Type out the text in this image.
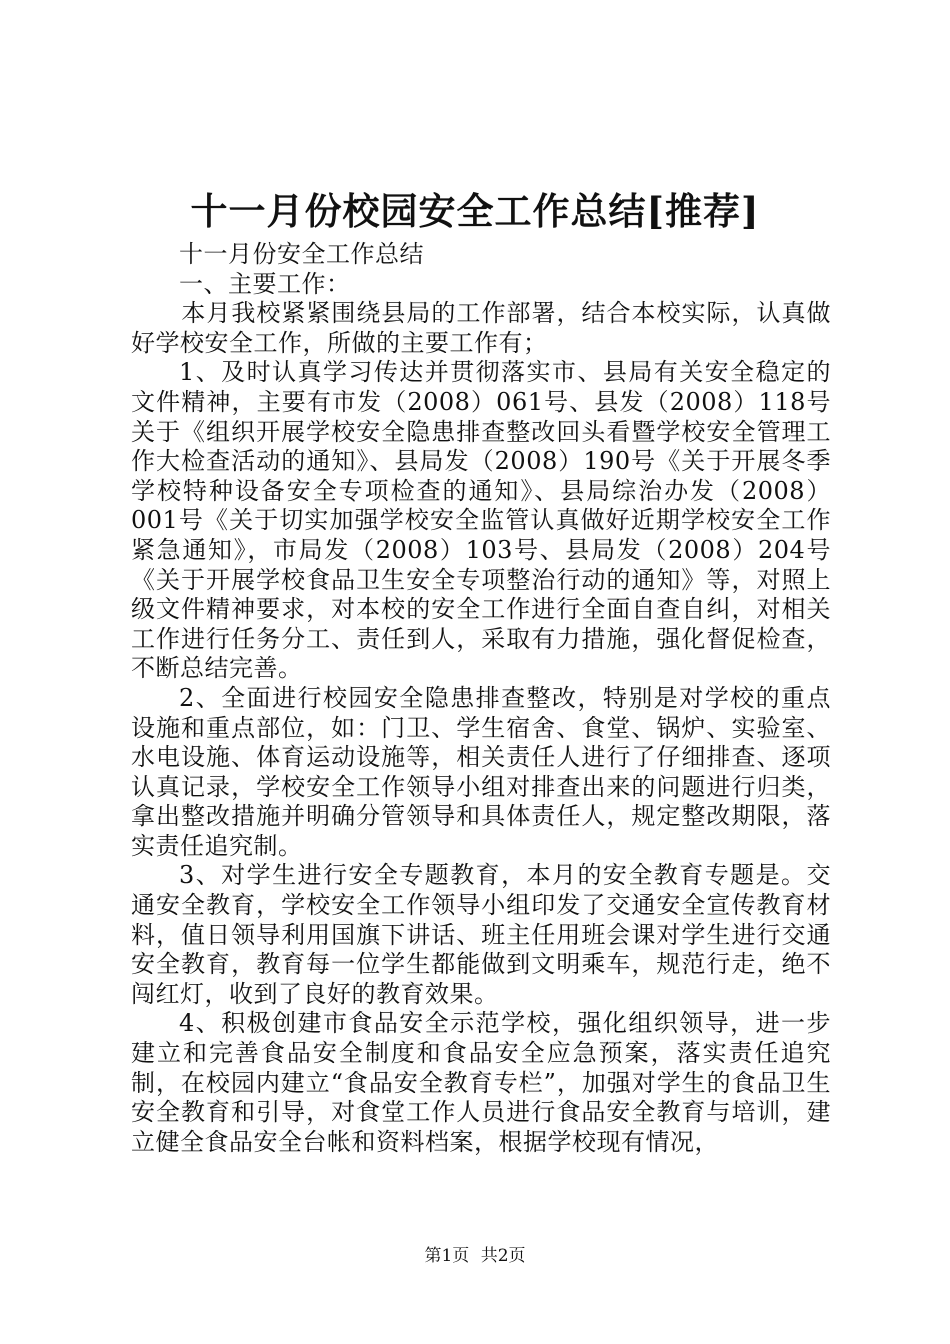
十一月份校园安全工作总结[推荐]

十一月份安全工作总结

一、主要工作：

本月我校紧紧围绕县局的工作部署，结合本校实际，认真做好学校安全工作，所做的主要工作有；

1、及时认真学习传达并贯彻落实市、县局有关安全稳定的文件精神，主要有市发（2008）061号、县发（2008）118号关于《组织开展学校安全隐患排查整改回头看暨学校安全管理工作大检查活动的通知》、县局发（2008）190号《关于开展冬季学校特种设备安全专项检查的通知》、县局综治办发（2008）001号《关于切实加强学校安全监管认真做好近期学校安全工作紧急通知》，市局发（2008）103号、县局发（2008）204号《关于开展学校食品卫生安全专项整治行动的通知》等，对照上级文件精神要求，对本校的安全工作进行全面自查自纠，对相关工作进行任务分工、责任到人，采取有力措施，强化督促检查，不断总结完善。

2、全面进行校园安全隐患排查整改，特别是对学校的重点设施和重点部位，如：门卫、学生宿舍、食堂、锅炉、实验室、水电设施、体育运动设施等，相关责任人进行了仔细排查、逐项认真记录，学校安全工作领导小组对排查出来的问题进行归类，拿出整改措施并明确分管领导和具体责任人，规定整改期限，落实责任追究制。

3、对学生进行安全专题教育，本月的安全教育专题是。交通安全教育，学校安全工作领导小组印发了交通安全宣传教育材料，值日领导利用国旗下讲话、班主任用班会课对学生进行交通安全教育，教育每一位学生都能做到文明乘车，规范行走，绝不闯红灯，收到了良好的教育效果。

4、积极创建市食品安全示范学校，强化组织领导，进一步建立和完善食品安全制度和食品安全应急预案，落实责任追究制，在校园内建立“食品安全教育专栏”，加强对学生的食品卫生安全教育和引导，对食堂工作人员进行食品安全教育与培训，建立健全食品安全台帐和资料档案，根据学校现有情况，

第1页 共2页
